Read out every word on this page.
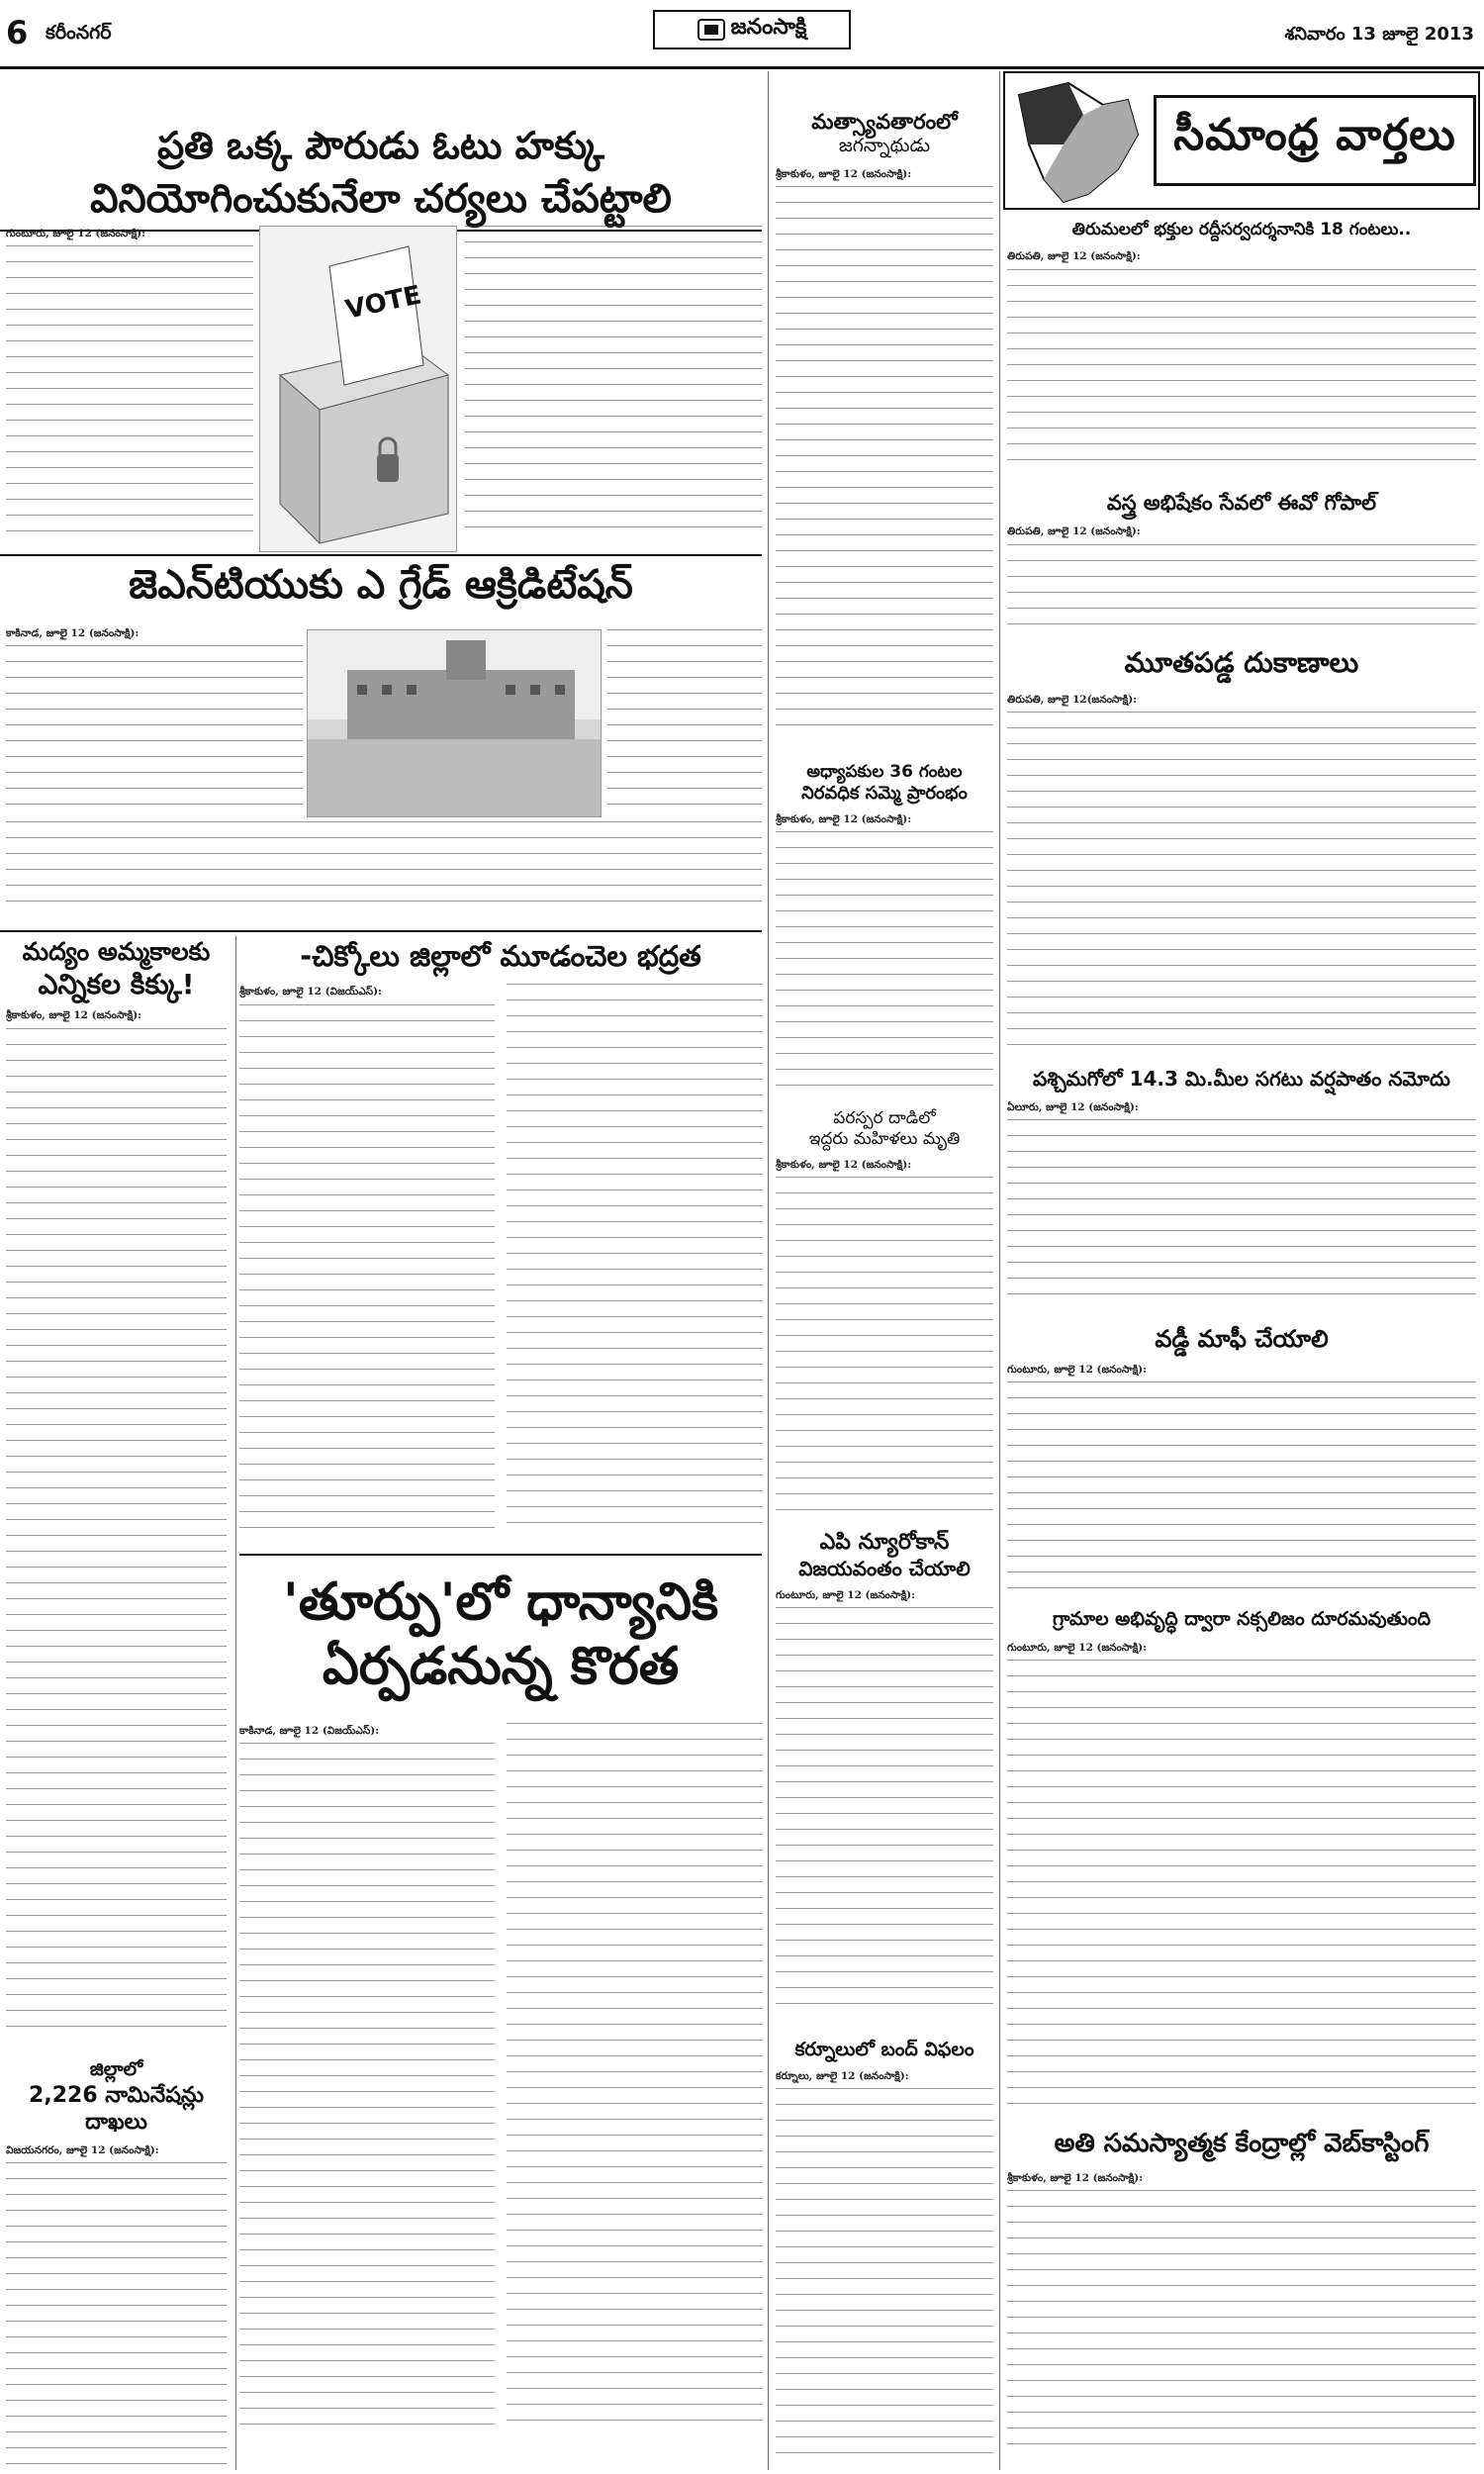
6 కరీంనగర్	జనంసాక్షి	శనివారం 13 జూలై 2013
ప్రతి ఒక్క పౌరుడు ఓటు హక్కు
వినియోగించుకునేలా చర్యలు చేపట్టాలి
గుంటూరు, జూలై 12 (జనంసాక్షి):
VOTE
జెఎన్‌టియుకు ఎ గ్రేడ్‌ ఆక్రిడిటేషన్‌
కాకినాడ, జూలై 12 (జనంసాక్షి):
మద్యం అమ్మకాలకు
ఎన్నికల కిక్కు!
శ్రీకాకుళం, జూలై 12 (జనంసాక్షి):
జిల్లాలో
2,226 నామినేషన్లు దాఖలు
విజయనగరం, జూలై 12 (జనంసాక్షి):
-చిక్కోలు జిల్లాలో మూడంచెల భద్రత
శ్రీకాకుళం, జూలై 12 (విజయ్‌ఎస్‌):
'తూర్పు'లో ధాన్యానికి
ఏర్పడనున్న కొరత
కాకినాడ, జూలై 12 (విజయ్‌ఎస్‌):
మత్స్యావతారంలో
జగన్నాథుడు
శ్రీకాకుళం, జూలై 12 (జనంసాక్షి):
అధ్యాపకుల 36 గంటల
నిరవధిక సమ్మె ప్రారంభం
శ్రీకాకుళం, జూలై 12 (జనంసాక్షి):
పరస్పర దాడిలో
ఇద్దరు మహిళలు మృతి
శ్రీకాకుళం, జూలై 12 (జనంసాక్షి):
ఎపి న్యూరోకాన్‌
విజయవంతం చేయాలి
గుంటూరు, జూలై 12 (జనంసాక్షి):
కర్నూలులో బంద్‌ విఫలం
కర్నూలు, జూలై 12 (జనంసాక్షి):
సీమాంధ్ర వార్తలు
తిరుమలలో భక్తుల రద్దీసర్వదర్శనానికి 18 గంటలు..
తిరుపతి, జూలై 12 (జనంసాక్షి):
వస్త్ర అభిషేకం సేవలో ఈవో గోపాల్‌
తిరుపతి, జూలై 12 (జనంసాక్షి):
మూతపడ్డ దుకాణాలు
తిరుపతి, జూలై 12(జనంసాక్షి):
పశ్చిమగోలో 14.3 మి.మీల సగటు వర్షపాతం నమోదు
ఏలూరు, జూలై 12 (జనంసాక్షి):
వడ్డీ మాఫీ చేయాలి
గుంటూరు, జూలై 12 (జనంసాక్షి):
గ్రామాల అభివృద్ధి ద్వారా నక్సలిజం దూరమవుతుంది
గుంటూరు, జూలై 12 (జనంసాక్షి):
అతి సమస్యాత్మక కేంద్రాల్లో వెబ్‌కాస్టింగ్‌
శ్రీకాకుళం, జూలై 12 (జనంసాక్షి):
